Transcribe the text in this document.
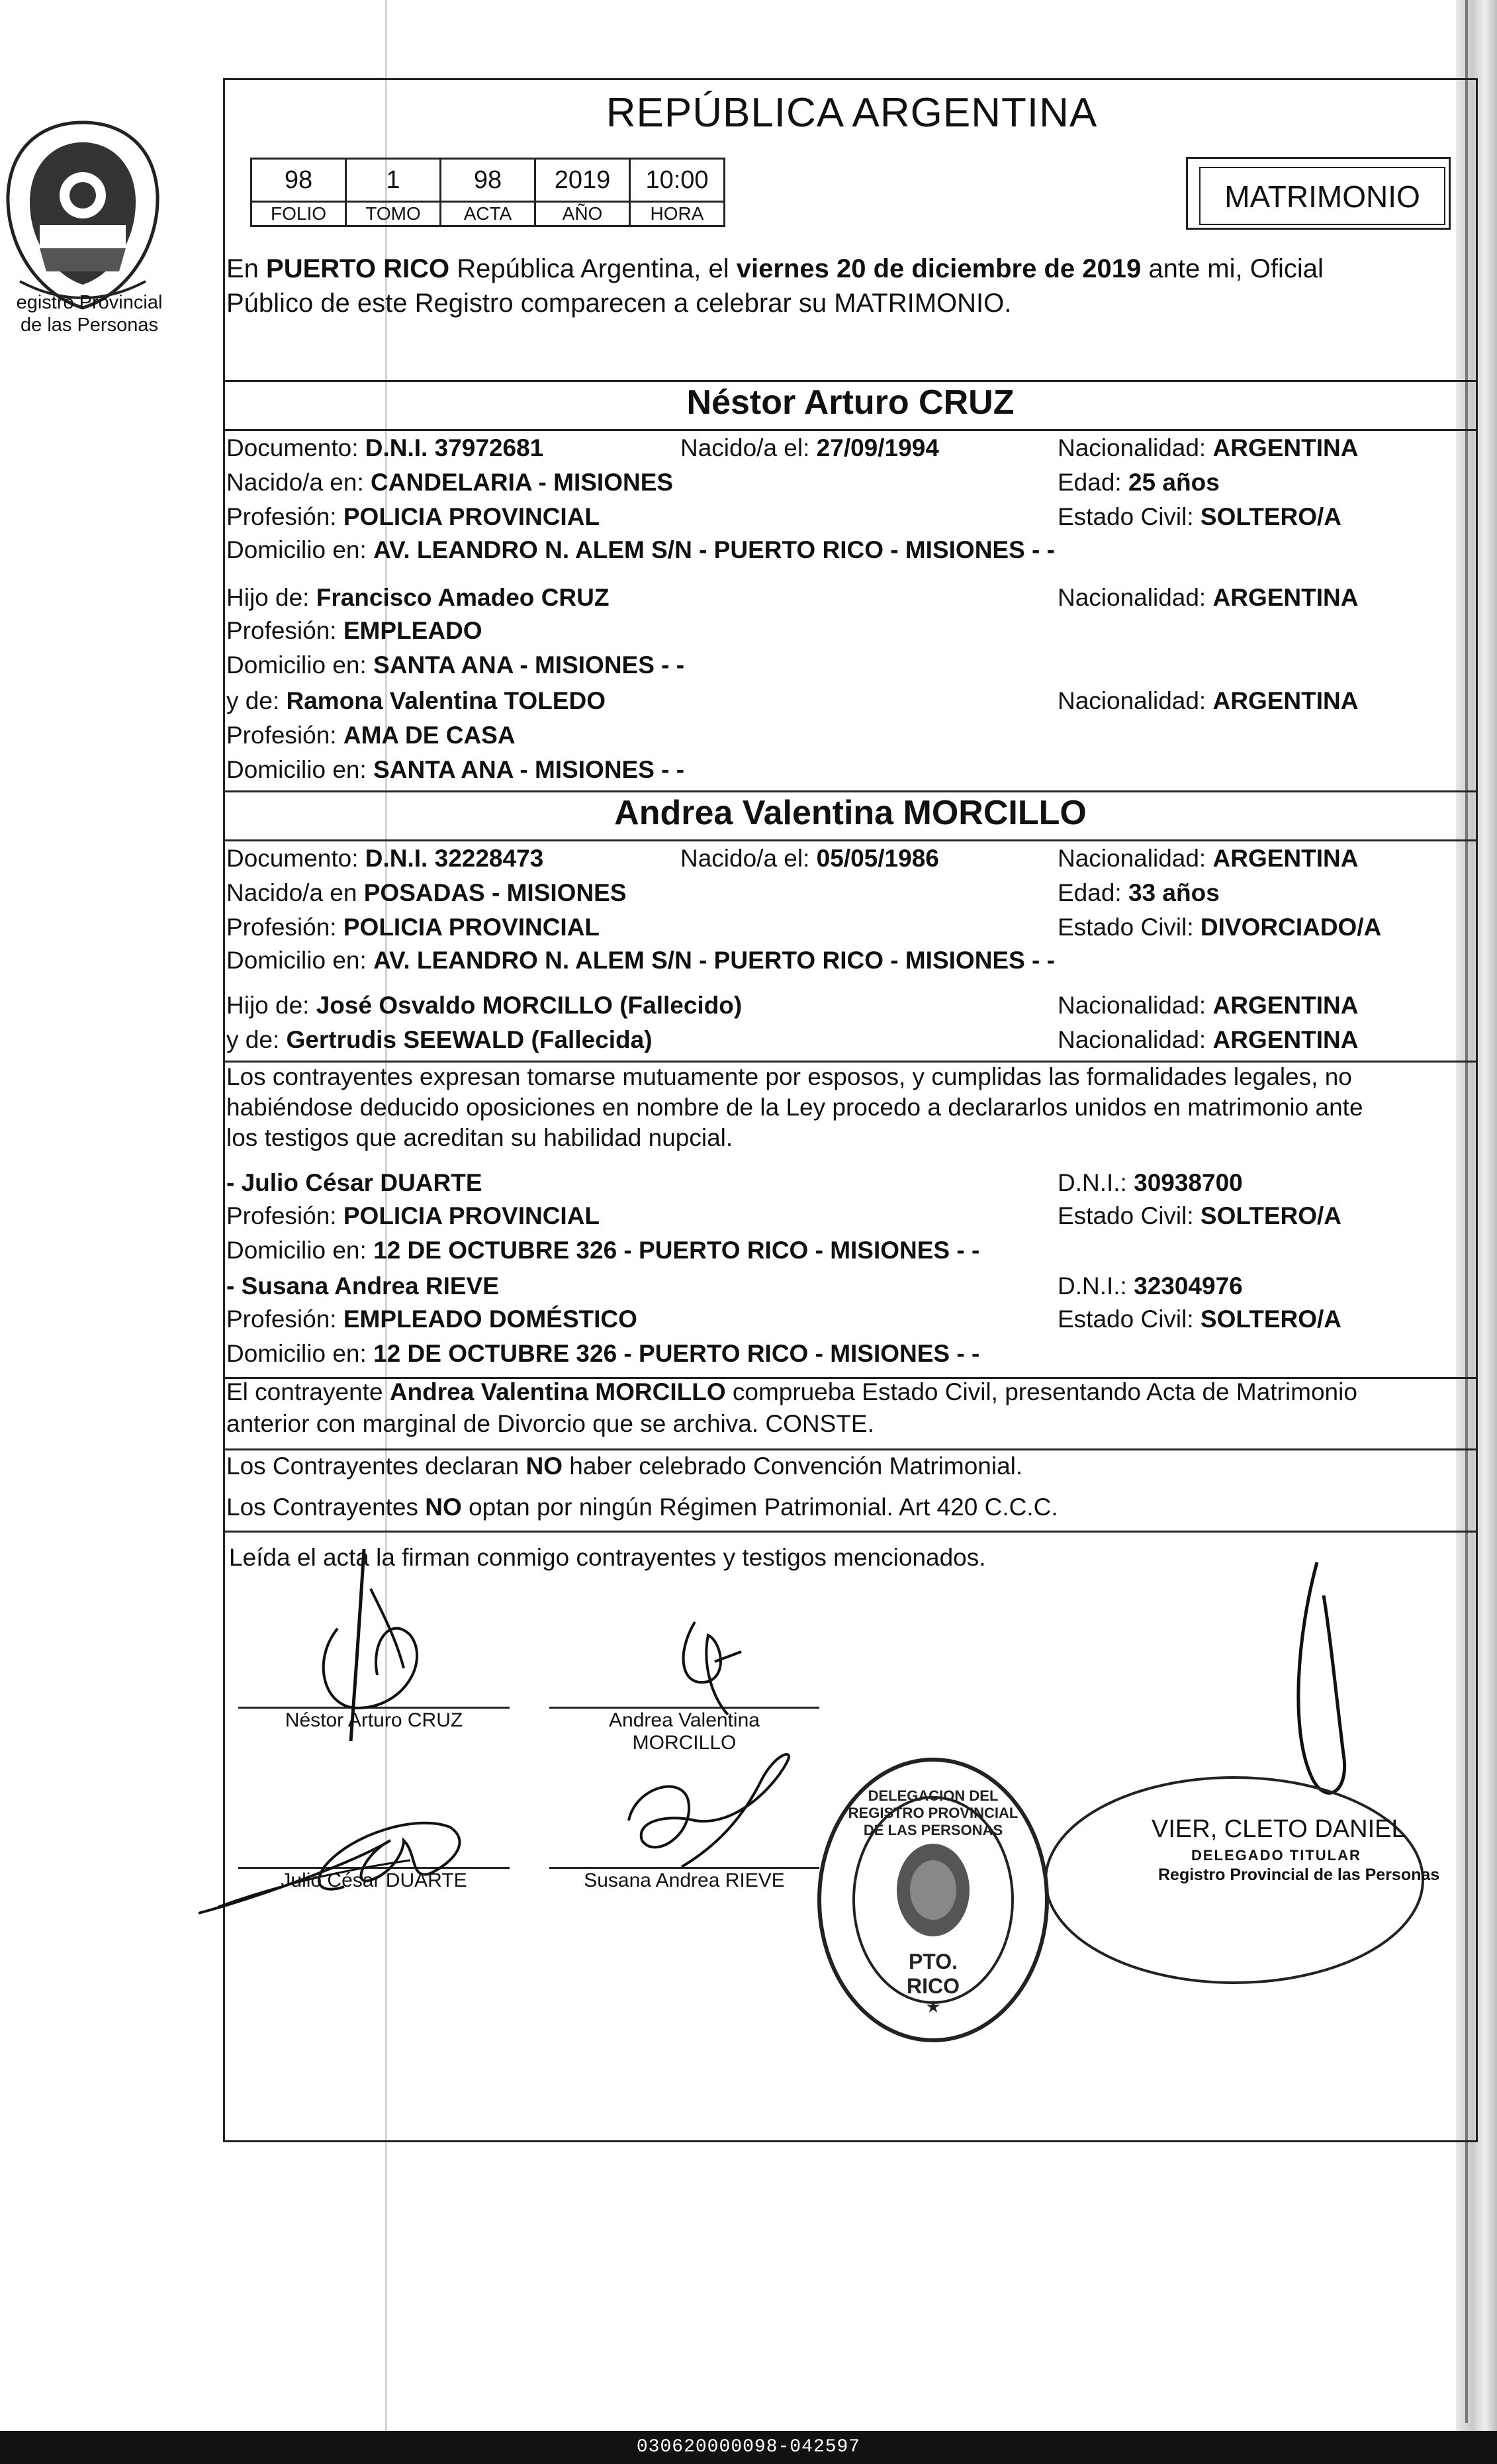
egistro Provincial
de las Personas
REPÚBLICA ARGENTINA
98	1	98	2019	10:00
FOLIO	TOMO	ACTA	AÑO	HORA	MATRIMONIO
En PUERTO RICO República Argentina, el viernes 20 de diciembre de 2019 ante mi, Oficial
Público de este Registro comparecen a celebrar su MATRIMONIO.
Néstor Arturo CRUZ
Documento: D.N.I. 37972681	Nacido/a el: 27/09/1994	Nacionalidad: ARGENTINA
Nacido/a en: CANDELARIA - MISIONES	Edad: 25 años
Profesión: POLICIA PROVINCIAL	Estado Civil: SOLTERO/A
Domicilio en: AV. LEANDRO N. ALEM S/N - PUERTO RICO - MISIONES - -
Hijo de: Francisco Amadeo CRUZ	Nacionalidad: ARGENTINA
Profesión: EMPLEADO
Domicilio en: SANTA ANA - MISIONES - -
y de: Ramona Valentina TOLEDO	Nacionalidad: ARGENTINA
Profesión: AMA DE CASA
Domicilio en: SANTA ANA - MISIONES - -
Andrea Valentina MORCILLO
Documento: D.N.I. 32228473	Nacido/a el: 05/05/1986	Nacionalidad: ARGENTINA
Nacido/a en POSADAS - MISIONES	Edad: 33 años
Profesión: POLICIA PROVINCIAL	Estado Civil: DIVORCIADO/A
Domicilio en: AV. LEANDRO N. ALEM S/N - PUERTO RICO - MISIONES - -
Hijo de: José Osvaldo MORCILLO (Fallecido)	Nacionalidad: ARGENTINA
y de: Gertrudis SEEWALD (Fallecida)	Nacionalidad: ARGENTINA
Los contrayentes expresan tomarse mutuamente por esposos, y cumplidas las formalidades legales, no
habiéndose deducido oposiciones en nombre de la Ley procedo a declararlos unidos en matrimonio ante
los testigos que acreditan su habilidad nupcial.
- Julio César DUARTE	D.N.I.: 30938700
Profesión: POLICIA PROVINCIAL	Estado Civil: SOLTERO/A
Domicilio en: 12 DE OCTUBRE 326 - PUERTO RICO - MISIONES - -
- Susana Andrea RIEVE	D.N.I.: 32304976
Profesión: EMPLEADO DOMÉSTICO	Estado Civil: SOLTERO/A
Domicilio en: 12 DE OCTUBRE 326 - PUERTO RICO - MISIONES - -
El contrayente Andrea Valentina MORCILLO comprueba Estado Civil, presentando Acta de Matrimonio
anterior con marginal de Divorcio que se archiva. CONSTE.
Los Contrayentes declaran NO haber celebrado Convención Matrimonial.
Los Contrayentes NO optan por ningún Régimen Patrimonial. Art 420 C.C.C.
Leída el acta la firman conmigo contrayentes y testigos mencionados.
Néstor Arturo CRUZ	Andrea Valentina
MORCILLO
Julio César DUARTE	Susana Andrea RIEVE
★
DELEGACION DEL REGISTRO PROVINCIAL DE LAS PERSONAS
PTO. RICO
VIER, CLETO DANIEL
DELEGADO TITULAR
Registro Provincial de las Personas
030620000098-042597
